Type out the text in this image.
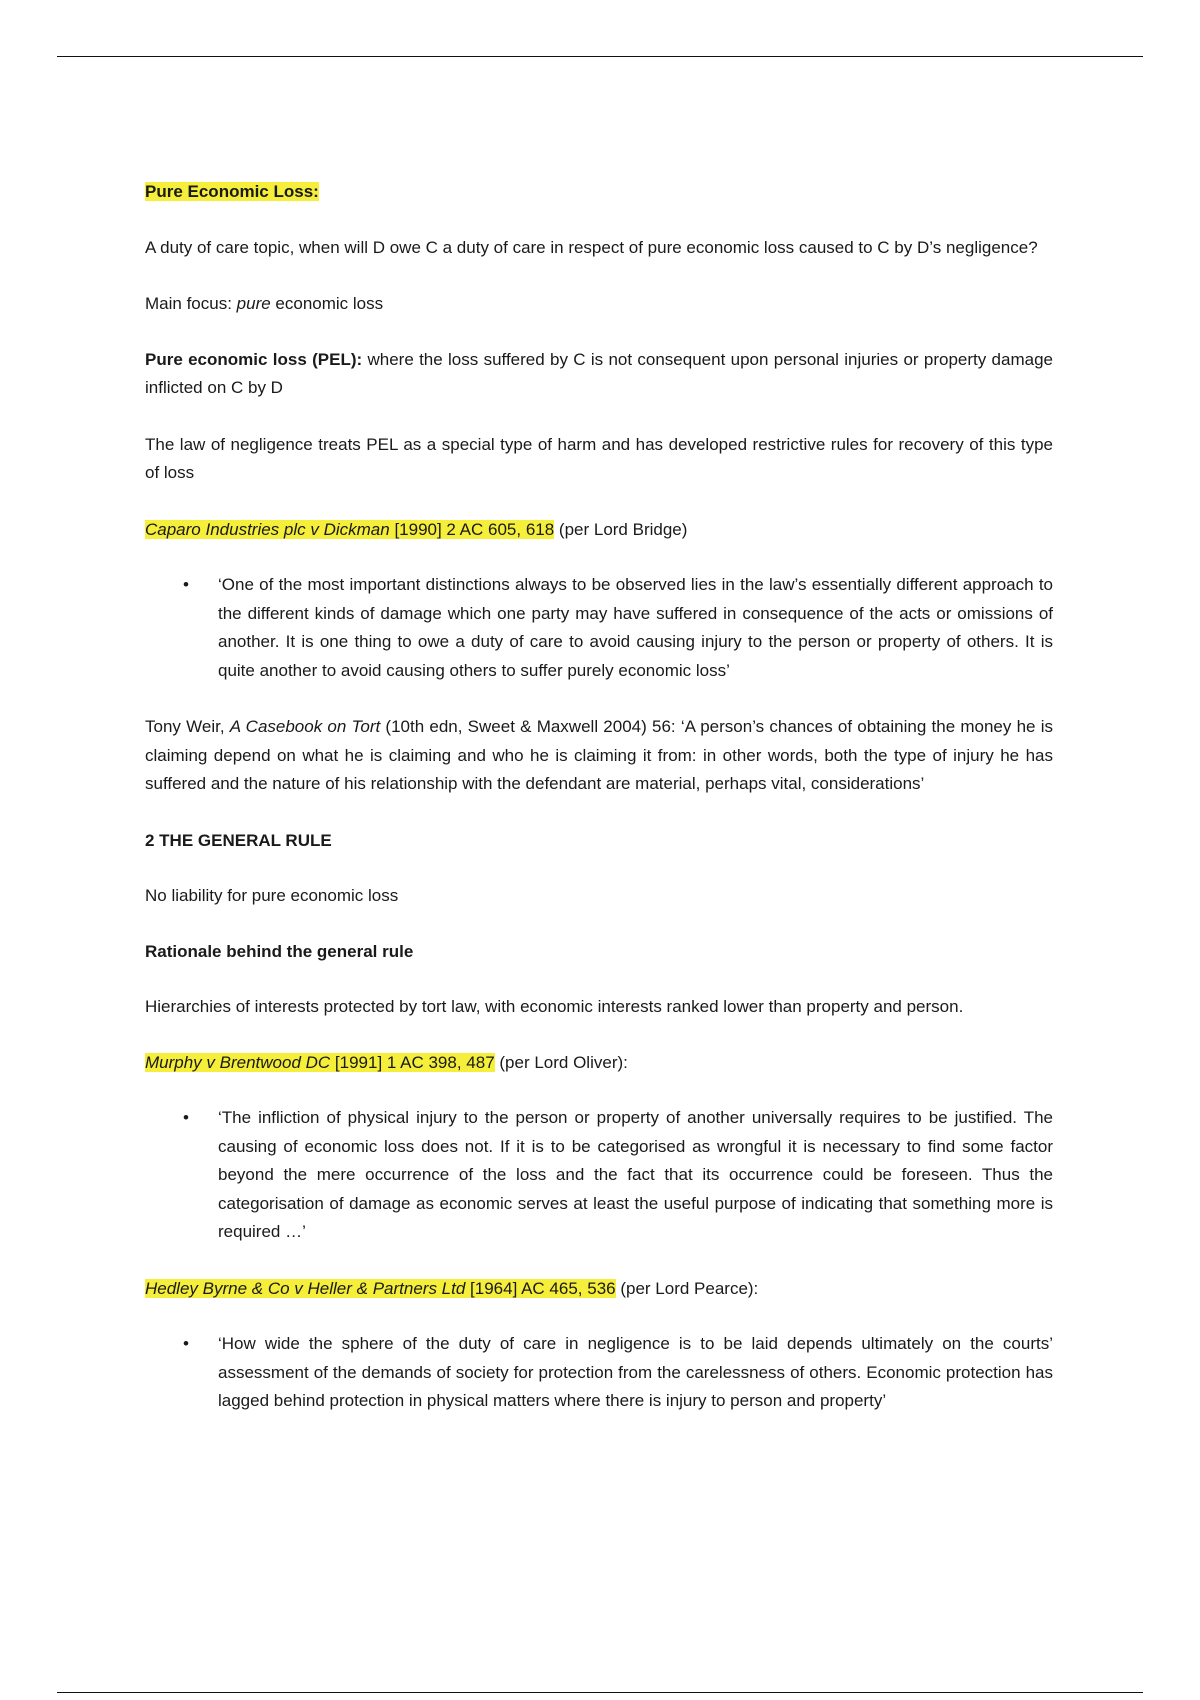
Pure Economic Loss:

A duty of care topic, when will D owe C a duty of care in respect of pure economic loss caused to C by D’s negligence?

Main focus: pure economic loss

Pure economic loss (PEL): where the loss suffered by C is not consequent upon personal injuries or property damage inflicted on C by D

The law of negligence treats PEL as a special type of harm and has developed restrictive rules for recovery of this type of loss

Caparo Industries plc v Dickman [1990] 2 AC 605, 618 (per Lord Bridge)

• ‘One of the most important distinctions always to be observed lies in the law’s essentially different approach to the different kinds of damage which one party may have suffered in consequence of the acts or omissions of another. It is one thing to owe a duty of care to avoid causing injury to the person or property of others. It is quite another to avoid causing others to suffer purely economic loss’

Tony Weir, A Casebook on Tort (10th edn, Sweet & Maxwell 2004) 56: ‘A person’s chances of obtaining the money he is claiming depend on what he is claiming and who he is claiming it from: in other words, both the type of injury he has suffered and the nature of his relationship with the defendant are material, perhaps vital, considerations’

2 THE GENERAL RULE

No liability for pure economic loss

Rationale behind the general rule

Hierarchies of interests protected by tort law, with economic interests ranked lower than property and person.

Murphy v Brentwood DC [1991] 1 AC 398, 487 (per Lord Oliver):

• ‘The infliction of physical injury to the person or property of another universally requires to be justified. The causing of economic loss does not. If it is to be categorised as wrongful it is necessary to find some factor beyond the mere occurrence of the loss and the fact that its occurrence could be foreseen. Thus the categorisation of damage as economic serves at least the useful purpose of indicating that something more is required …’

Hedley Byrne & Co v Heller & Partners Ltd [1964] AC 465, 536 (per Lord Pearce):

• ‘How wide the sphere of the duty of care in negligence is to be laid depends ultimately on the courts’ assessment of the demands of society for protection from the carelessness of others. Economic protection has lagged behind protection in physical matters where there is injury to person and property’
